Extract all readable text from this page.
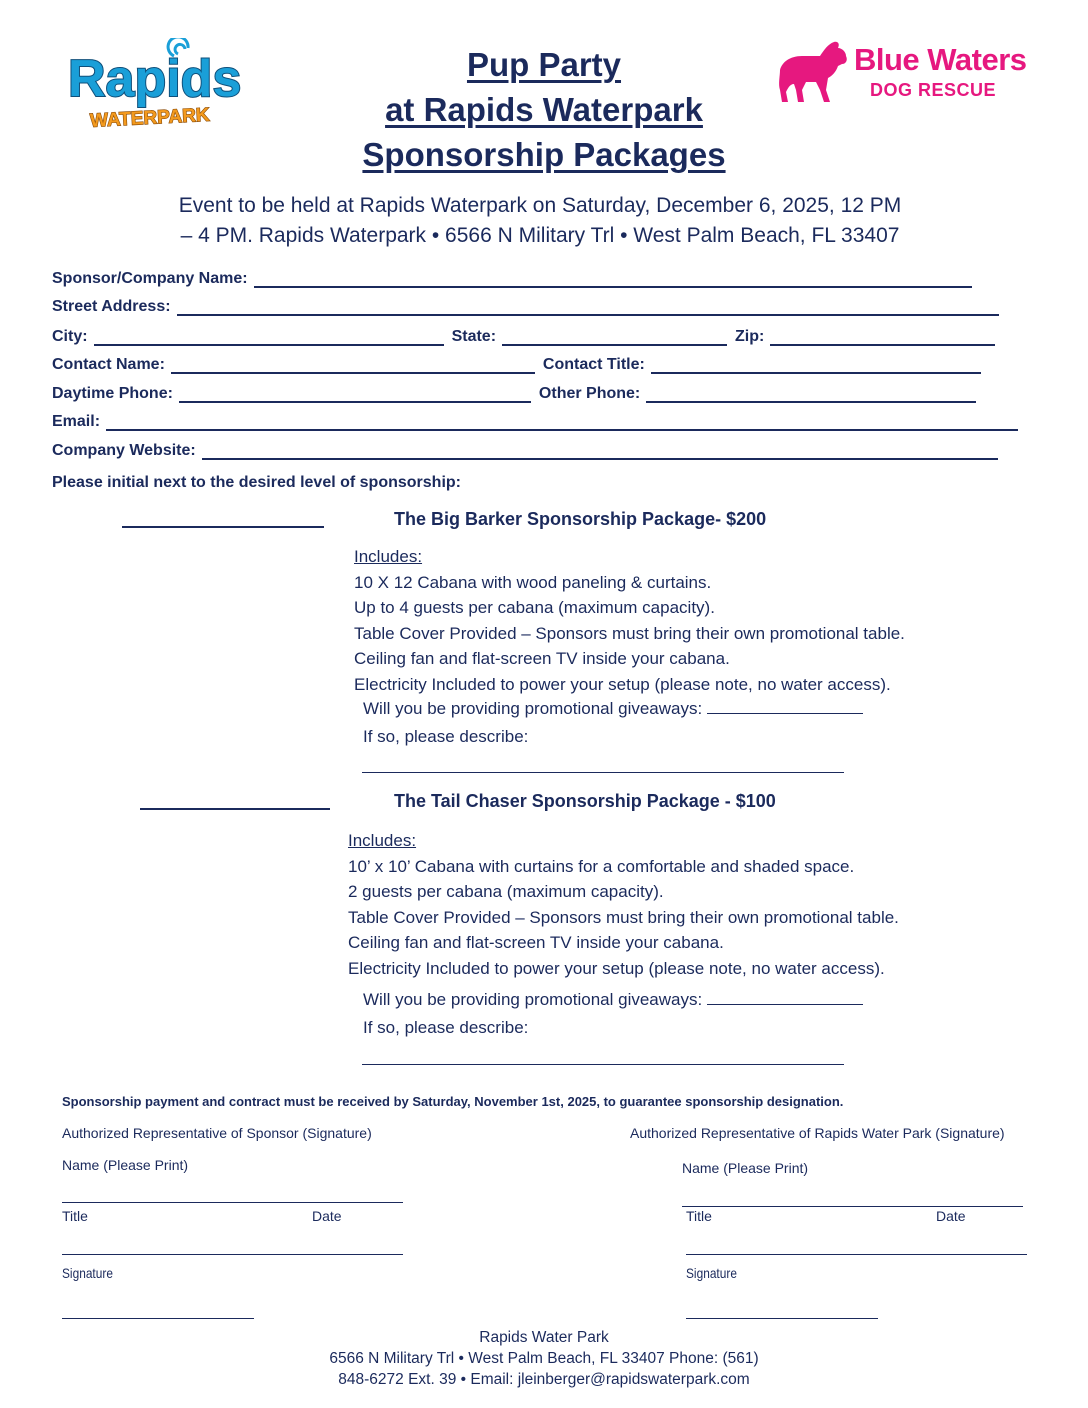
Rapids
WATERPARK
Blue Waters
DOG RESCUE
Pup Party
at Rapids Waterpark
Sponsorship Packages
Event to be held at Rapids Waterpark on Saturday, December 6, 2025, 12 PM
– 4 PM. Rapids Waterpark • 6566 N Military Trl • West Palm Beach, FL 33407
Sponsor/Company Name:
Street Address:
City:	State:	Zip:
Contact Name:	Contact Title:
Daytime Phone:	Other Phone:
Email:
Company Website:
Please initial next to the desired level of sponsorship:
The Big Barker Sponsorship Package- $200
Includes:
10 X 12 Cabana with wood paneling & curtains.
Up to 4 guests per cabana (maximum capacity).
Table Cover Provided – Sponsors must bring their own promotional table.
Ceiling fan and flat-screen TV inside your cabana.
Electricity Included to power your setup (please note, no water access).
Will you be providing promotional giveaways:
If so, please describe:
The Tail Chaser Sponsorship Package - $100
Includes:
10’ x 10’ Cabana with curtains for a comfortable and shaded space.
2 guests per cabana (maximum capacity).
Table Cover Provided – Sponsors must bring their own promotional table.
Ceiling fan and flat-screen TV inside your cabana.
Electricity Included to power your setup (please note, no water access).
Will you be providing promotional giveaways:
If so, please describe:
Sponsorship payment and contract must be received by Saturday, November 1st, 2025, to guarantee sponsorship designation.
Authorized Representative of Sponsor (Signature)
Name (Please Print)
Title	Date
Signature
Authorized Representative of Rapids Water Park (Signature)
Name (Please Print)
Title	Date
Signature
Rapids Water Park
6566 N Military Trl • West Palm Beach, FL 33407 Phone: (561)
848-6272 Ext. 39 • Email: jleinberger@rapidswaterpark.com
